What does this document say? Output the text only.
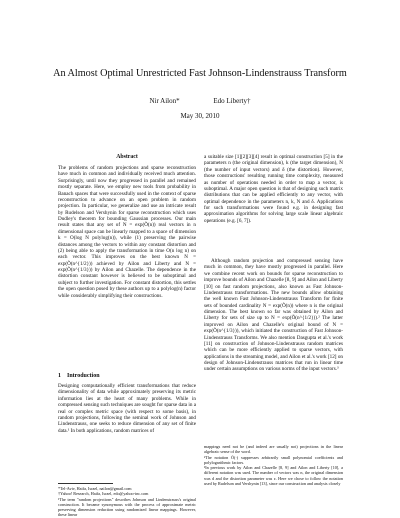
An Almost Optimal Unrestricted Fast Johnson-Lindenstrauss Transform
Nir Ailon*	Edo Liberty†
May 30, 2010
Abstract
The problems of random projections and sparse reconstruction have much in common and individually received much attention. Surprisingly, until now they progressed in parallel and remained mostly separate. Here, we employ new tools from probability in Banach spaces that were successfully used in the context of sparse reconstruction to advance on an open problem in random projection. In particular, we generalize and use an intricate result by Rudelson and Vershynin for sparse reconstruction which uses Dudley's theorem for bounding Gaussian processes. Our main result states that any set of N = exp(Õ(n)) real vectors in n dimensional space can be linearly mapped to a space of dimension k = O(log N polylog(n)), while (1) preserving the pairwise distances among the vectors to within any constant distortion and (2) being able to apply the transformation in time O(n log n) on each vector. This improves on the best known N = exp(Õ(n^{1/2})) achieved by Ailon and Liberty and N = exp(Õ(n^{1/3})) by Ailon and Chazelle. The dependence in the distortion constant however is believed to be suboptimal and subject to further investigation. For constant distortion, this settles the open question posed by these authors up to a polylog(n) factor while considerably simplifying their constructions.
1 Introduction
Designing computationally efficient transformations that reduce dimensionality of data while approximately preserving its metric information lies at the heart of many problems. While in compressed sensing such techniques are sought for sparse data in a real or complex metric space (with respect to some basis), in random projections, following the seminal work of Johnson and Lindenstrauss, one seeks to reduce dimension of any set of finite data.¹ In both applications, random matrices of

*Tel-Aviv, Haifa, Israel, nailon@gmail.com

†Yahoo! Research, Haifa, Israel, edo@yahoo-inc.com

¹The term "random projections" describes Johnson and Lindenstrauss's original construction. It became synonymous with the process of approximate metric preserving dimension reduction using randomized linear mappings. However, these linear

a suitable size [1][2][3][4] result in optimal construction [5] in the parameters n (the original dimension), k (the target dimension), N (the number of input vectors) and δ (the distortion). However, those constructions' resulting running time complexity, measured as number of operations needed in order to map a vector, is suboptimal. A major open question is that of designing such matrix distributions that can be applied efficiently to any vector, with optimal dependence in the parameters n, k, N and δ. Applications for such transformations were found e.g. in designing fast approximation algorithms for solving large scale linear algebraic operations (e.g. [6, 7]).
Although random projection and compressed sensing have much in common, they have mostly progressed in parallel. Here we combine recent work on bounds for sparse reconstruction to improve bounds of Ailon and Chazelle [8, 9] and Ailon and Liberty [10] on fast random projections, also known as Fast Johnson-Lindenstrauss transformations. The new bounds allow obtaining the well known Fast Johnson-Lindenstrauss Transform for finite sets of bounded cardinality N = exp(Õ(n)) where n is the original dimension. The best known so far was obtained by Ailon and Liberty for sets of size up to N = exp(Õ(n^{1/2})).² The latter improved on Ailon and Chazelle's original bound of N = exp(Õ(n^{1/3})), which initiated the construction of Fast Johnson-Lindenstrauss Transforms. We also mention Dasgupta et al.'s work [11] on construction of Johnson-Lindenstrauss random matrices which can be more efficiently applied to sparse vectors, with applications in the streaming model, and Ailon et al.'s work [12] on design of Johnson-Lindenstrauss matrices that run in linear time under certain assumptions on various norms of the input vectors.³

mappings need not be (and indeed are usually not) projections in the linear algebraic sense of the word.

²The notation Õ(·) suppresses arbitrarily small polynomial coefficients and polylogarithmic factors.

³In previous work by Ailon and Chazelle [8, 9] and Ailon and Liberty [10], a different notation was used. The number of vectors was n, the original dimension was d and the distortion parameter was ε. Here we chose to follow the notation used by Rudelson and Vershynin [13], since our construction and analysis closely
